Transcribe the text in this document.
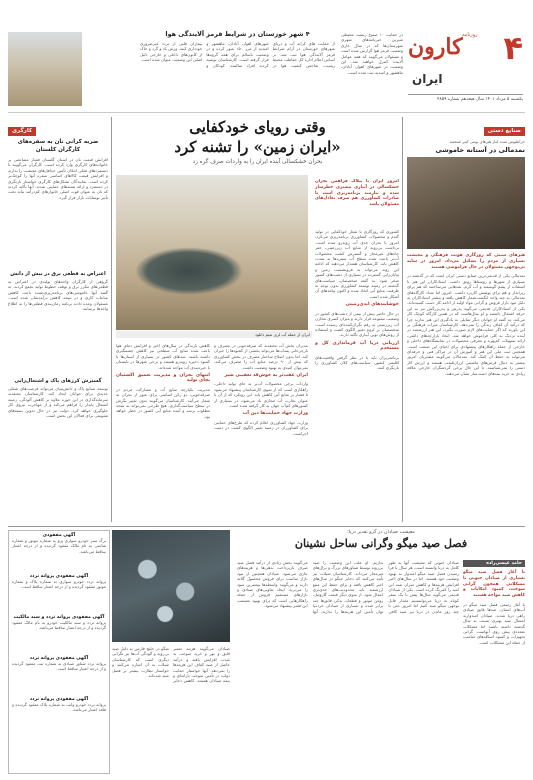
۴
کارون روزنامه
ایران
یکشنبه ۵ مرداد ۱۴۰۱ سال هیجدهم شماره ۴۸۵۹
در حمایت ۱۰ صنوع زیست محیطی شیرین خبرنامه‌های شهری شهرستان‌ها که در سال جاری وضعیت قرمز هوا گزارش شده است و مسئولان می‌گویند که همه عوامل آلاینده کنترل خواهند شد. این وضعیت در شهرهای اهواز، آبادان، ماهشهر و امیدیه ثبت شده است.
۴ شهر خوزستان در شرایط قرمز آلایندگی هوا
از حمایت های کرانه آب و دریای شهرهای خوزستان در آرام شرایط قرمز آلایندگی هوا ثبت شد. بر اساس اعلام اداره کل حفاظت محیط زیست، شاخص کیفیت هوا در شهرهای اهواز، آبادان، ماهشهر و امیدیه از مرز ۱۵۰ عبور کرده و در وضعیت ناسالم برای همه گروه‌ها قرار گرفته است. کارشناسان توصیه کردند افراد سالمند، کودکان و بیماران قلبی از تردد غیرضروری خودداری کنند. وزش باد و گرد و خاک از کانون‌های داخلی و خارجی دلیل اصلی این وضعیت عنوان شده است.
صنایع دستی
خراطیوش شده کنار هنرهای بومی کبیر شتخمه
نمدمالی در آستانه خاموشی
هنرهای سنتی که روزگاری هویت فرهنگی و معیشت بسیاری از مردم را تشکیل می‌داد، امروز در سایه بی‌توجهی مسئولان در حال فراموشی هستند
نمدمالی یکی از قدیمی‌ترین صنایع دستی ایران است که در گذشته در بسیاری از شهرها و روستاها رونق داشت. استادکاران این هنر با استفاده از پشم گوسفند و آب گرم، نمدهایی می‌ساختند که هم برای زیرانداز و هم برای پوشش کاربرد داشت. امروز اما تعداد کارگاه‌های نمدمالی به چند واحد انگشت‌شمار کاهش یافته و بیشتر استادکاران به دلیل نبود بازار فروش و گرانی مواد اولیه از ادامه کار دست کشیده‌اند. یکی از استادکاران قدیمی می‌گوید پدرش و پدربزرگش نیز به این حرفه اشتغال داشتند و او سال‌هاست که در همین کارگاه کوچک کار می‌کند. به گفته او جوانان دیگر تمایلی به یادگیری این هنر ندارند چرا که درآمد آن کفاف زندگی را نمی‌دهد. کارشناسان میراث فرهنگی بر این باورند که اگر حمایت‌های لازم صورت نگیرد، این هنر ارزشمند در آینده نزدیک به کلی فراموش خواهد شد. ایجاد بازارچه‌های دائمی، ارائه تسهیلات کم‌بهره و معرفی محصولات در نمایشگاه‌های داخلی و خارجی از جمله راهکارهای پیشنهادی برای احیای این صنعت است. همچنین ثبت ملی این هنر و آموزش آن در مراکز فنی و حرفه‌ای می‌تواند به حفظ آن کمک کند. نمدمالان می‌گویند مشتریان امروز بیشتر به دنبال فرش‌های ماشینی ارزان‌قیمت هستند و ارزش کار دستی را نمی‌شناسند. با این حال برخی گردشگران خارجی علاقه زیادی به خرید نمدهای دست‌ساز نشان می‌دهند.
وقتی رویای خودکفایی
«ایران زمین» را تشنه کرد
بحران خشکسالی آینده ایران را به واردات صرف گره زد
امروز ایران با بیلاگ فراهمن بحران خشکسالی در آبیاری مشتری خطرساز شده و نیازمند برنامه‌ریزی است تا صادرات کشاورزی هم صرف تعادل‌های مسئولان باشد
ایران از جمله آب لری نعیم دانلود
کشوری که روزگاری با شعار خودکفایی در تولید گندم و محصولات کشاورزی برنامه‌ریزی می‌کرد، امروز با بحران جدی آب روبه‌رو شده است. برداشت بی‌رویه از منابع آب زیرزمینی، حفر چاه‌های غیرمجاز و گسترش کشت محصولات آب‌بر باعث شده سطح آب سفره‌ها به شدت کاهش یابد. کارشناسان هشدار می‌دهند که ادامه این روند می‌تواند به فرونشست زمین و بیابان‌زایی گسترده در بسیاری از دشت‌های کشور منجر شود. به گفته متخصصان، سیاست‌های گذشته در زمینه توسعه کشاورزی بدون توجه به ظرفیت منابع آبی اتخاذ شده و اکنون پیامدهای آن آشکار شده است.
خوشایندهای ایدی‌زمینی
در حال حاضر بیش از نیمی از دشت‌های کشور در وضعیت ممنوعه قرار دارند و میزان کسری مخازن آب زیرزمینی به رقم نگران‌کننده‌ای رسیده است. متخصصان بر لزوم تغییر الگوی کشت و استفاده از روش‌های نوین آبیاری تأکید دارند.
ارزیابی دریا آپ فرمانداری کل و مستخدم
برنامه‌ریزان باید با در نظر گرفتن واقعیت‌های اقلیمی کشور، سیاست‌های کلان کشاورزی را بازنگری کنند.
مدیران بخش آب معتقدند که صرفه‌جویی در مصرف و بازچرخانی پساب‌ها می‌تواند بخشی از کمبودها را جبران کند. اما بدون اصلاح ساختار مصرف در بخش کشاورزی که بیش از ۹۰ درصد منابع آب را مصرف می‌کند، نمی‌توان امیدی به بهبود وضعیت داشت.
ایران عقب‌تر به خوش‌قد تعقیبی شیر
واردات برخی محصولات آب‌بر به جای تولید داخلی، راهکاری است که از سوی کارشناسان پیشنهاد می‌شود تا فشار بر منابع آبی کاهش یابد. این رویکرد که از آن با عنوان تجارت آب مجازی یاد می‌شود، در بسیاری از کشورهای کم‌آب جهان به کار گرفته شده است.
وزارت جهاد حمایت‌ها دین آب
وزارت جهاد کشاورزی اعلام کرده که طرح‌های حمایتی برای کشاورزان در زمینه تغییر الگوی کشت در دست اجراست.
کاهش بارندگی در سال‌های اخیر و افزایش دمای هوا باعث شده منابع آب سطحی نیز کاهش چشمگیری داشته باشند. سدهای کشور در بسیاری از استان‌ها با کمبود ذخیره روبه‌رو هستند و برخی شهرها در تابستان با جیره‌بندی آب مواجه شده‌اند.
انتهای بحران و مدیریت تعمیق اکستیان بجای تولید
مدیریت یکپارچه منابع آب و مشارکت مردم در صرفه‌جویی، دو رکن اساسی برای عبور از بحران به شمار می‌آیند. کارشناسان می‌گویند بدون تغییر نگرش در سطح سیاست‌گذاری، هیچ طرحی نمی‌تواند به نتیجه مطلوب برسد و آینده منابع آبی کشور در خطر خواهد بود.
کارگری
ضربه کرانی نان به سفره‌های کارگران کلستان
افزایش قیمت نان در استان گلستان فشار مضاعفی بر خانواده‌های کارگری وارد کرده است. کارگران می‌گویند با دستمزدهای فعلی امکان تأمین حداقل‌های معیشت را ندارند و افزایش قیمت کالاهای اساسی سفره آنها را کوچک‌تر کرده است. نمایندگان تشکل‌های کارگری خواستار بازنگری در دستمزد و ارائه بسته‌های حمایتی شدند. آنها تأکید کردند که نان به عنوان قوت اصلی خانوارهای کم‌درآمد نباید تحت تأثیر نوسانات بازار قرار گیرد.
اعتراض به قطعی برق در بیش از دانش
گروهی از کارگران واحدهای تولیدی در اعتراض به قطعی‌های مکرر برق و توقف خطوط تولید تجمع کردند. به گفته آنها خاموشی‌های برنامه‌ریزی‌نشده باعث کاهش ساعات کاری و در نتیجه کاهش درآمدشان شده است. مسئولان وعده دادند برنامه زمان‌بندی قطعی‌ها را به اطلاع واحدها برسانند.
گسترش کرزهای پاک و اشتغال‌زایی
توسعه صنایع پاک و دانش‌بنیان می‌تواند فرصت‌های شغلی جدیدی برای جوانان ایجاد کند. کارشناسان معتقدند سرمایه‌گذاری در این حوزه علاوه بر کاهش آلودگی، زمینه اشتغال پایدار را فراهم می‌کند و از مهاجرت نیروی کار جلوگیری خواهد کرد. دولت نیز در حال تدوین بسته‌های تشویقی برای فعالان این بخش است.
آگهی مفقودی
برگ سبز خودرو سواری پژو به شماره موتور و شماره شاسی به نام مالک مفقود گردیده و از درجه اعتبار ساقط می‌باشد.
آگهی مفقودی پروانه تردد
پروانه تردد خودرو سواری به شماره پلاک و شماره موتور مفقود گردیده و از درجه اعتبار ساقط است.
آگهی مفقودی پروانه تردد و سند مالکیت
پروانه تردد و سند مالکیت خودرو به نام مالک مفقود گردیده و از درجه اعتبار ساقط می‌باشد.
آگهی مفقودی پروانه تردد
پروانه تردد شناور صیادی به شماره ثبت مفقود گردیده و از درجه اعتبار ساقط است.
آگهی مفقودی پروانه تردد
پروانه تردد خودرو وانت به شماره پلاک مفقود گردیده و فاقد اعتبار می‌باشد.
صیادان می‌گویند هزینه تعمیر قایق و تور و خرید سوخت به شدت افزایش یافته و درآمد حاصل از صید کفاف این هزینه‌ها را نمی‌دهد. آنها خواستار حمایت دولت در تأمین سوخت یارانه‌ای و بیمه صیادان هستند. کاهش ذخایر میگو در خلیج فارس به دلیل صید بی‌رویه و آلودگی آب‌ها نیز نگرانی دیگری است که کارشناسان شیلات به آن اشاره می‌کنند و خواستار نظارت بیشتر بر فصل صید شده‌اند.
معیشت صیادان در گرو تقدیر دریا؛
فصل صید میگو وگرانی ساحل نشینان
حامد عیسی‌زاده
با آغاز فصل صید میگو بسیاری از صیادان جنوبی با مشکلاتی همچون گرانی سوخت، کمبود امکانات و کاهش صید مواجه هستند
با آغاز رسمی فصل صید میگو در آب‌های استان، صدها قایق صیادی راهی دریا شدند. صیادان امیدوارند امسال صید بهتری نسبت به سال گذشته داشته باشند اما مشکلات متعددی پیش روی آنهاست. گرانی تجهیزات و کمبود اسکله‌های مناسب از جمله این مشکلات است.
صیادان جنوبی که معیشت آنها به طور کامل به دریا وابسته است، هر سال با فرا رسیدن فصل صید میگو امیدوار به بهبود وضعیت خود هستند. اما در سال‌های اخیر افزایش هزینه‌ها و کاهش میزان صید این امید را کمرنگ کرده است. یکی از صیادان قدیمی می‌گوید سال‌ها پیش با یک سفر کوتاه به دریا می‌توانستیم مقدار قابل توجهی میگو صید کنیم اما امروز حتی با چند روز ماندن در دریا نیز صید کافی نداریم. او علت این وضعیت را صید بی‌رویه توسط شناورهای بزرگ و ترال‌های غیرمجاز می‌داند. کارشناسان شیلات نیز تأیید می‌کنند که ذخایر میگو در سال‌های اخیر کاهش یافته و برای حفظ این منبع ارزشمند باید محدودیت‌های جدی‌تری اعمال شود. از سوی دیگر قیمت گازوئیل، روغن موتور و قطعات یدکی قایق‌ها چند برابر شده و بسیاری از صیادان خرده‌پا توان تأمین این هزینه‌ها را ندارند. آنها می‌گویند بخش زیادی از درآمد فصل صید صرف بازپرداخت بدهی‌ها و هزینه‌های جاری می‌شود. صیادان همچنین از نبود بازار مناسب برای فروش محصول گلایه دارند و می‌گویند واسطه‌ها بیشترین سود را می‌برند. ایجاد تعاونی‌های صیادی و بازارهای مستقیم فروش از جمله راهکارهایی است که برای بهبود معیشت این قشر پیشنهاد می‌شود.
